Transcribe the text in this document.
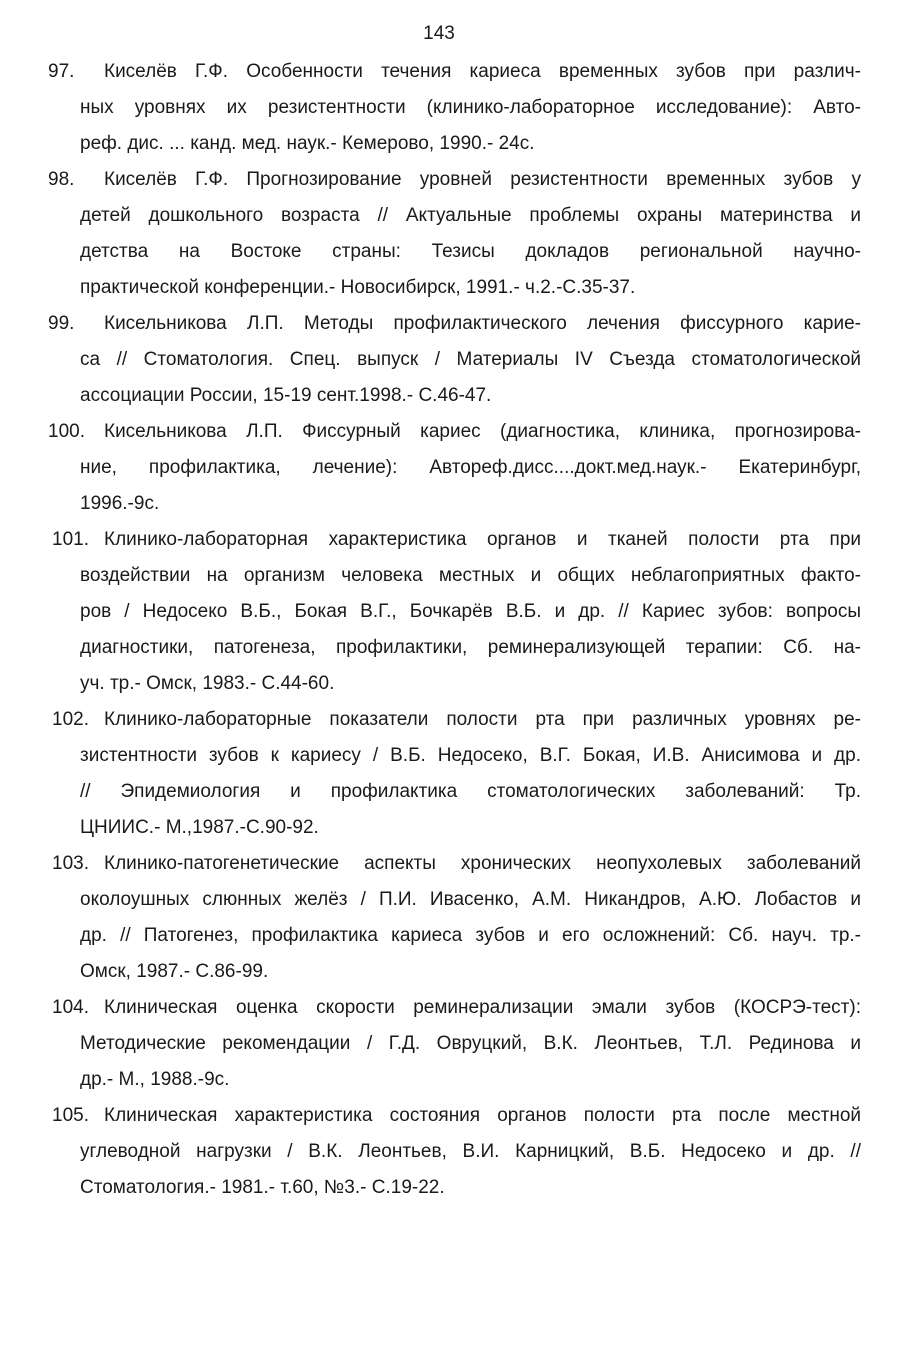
143
97. Киселёв Г.Ф. Особенности течения кариеса временных зубов при различ-
ных уровнях их резистентности (клинико-лабораторное исследование): Авто-
реф. дис. ... канд. мед. наук.- Кемерово, 1990.- 24с.
98. Киселёв Г.Ф. Прогнозирование уровней резистентности временных зубов у
детей дошкольного возраста // Актуальные проблемы охраны материнства и
детства на Востоке страны: Тезисы докладов региональной научно-
практической конференции.- Новосибирск, 1991.- ч.2.-С.35-37.
99. Кисельникова Л.П. Методы профилактического лечения фиссурного карие-
са // Стоматология. Спец. выпуск / Материалы IV Съезда стоматологической
ассоциации России, 15-19 сент.1998.- С.46-47.
100. Кисельникова Л.П. Фиссурный кариес (диагностика, клиника, прогнозирова-
ние, профилактика, лечение): Автореф.дисс....докт.мед.наук.- Екатеринбург,
1996.-9с.
101. Клинико-лабораторная характеристика органов и тканей полости рта при
воздействии на организм человека местных и общих неблагоприятных факто-
ров / Недосеко В.Б., Бокая В.Г., Бочкарёв В.Б. и др. // Кариес зубов: вопросы
диагностики, патогенеза, профилактики, реминерализующей терапии: Сб. на-
уч. тр.- Омск, 1983.- С.44-60.
102. Клинико-лабораторные показатели полости рта при различных уровнях ре-
зистентности зубов к кариесу / В.Б. Недосеко, В.Г. Бокая, И.В. Анисимова и др.
// Эпидемиология и профилактика стоматологических заболеваний: Тр.
ЦНИИС.- М.,1987.-С.90-92.
103. Клинико-патогенетические аспекты хронических неопухолевых заболеваний
околоушных слюнных желёз / П.И. Ивасенко, А.М. Никандров, А.Ю. Лобастов и
др. // Патогенез, профилактика кариеса зубов и его осложнений: Сб. науч. тр.-
Омск, 1987.- С.86-99.
104. Клиническая оценка скорости реминерализации эмали зубов (КОСРЭ-тест):
Методические рекомендации / Г.Д. Овруцкий, В.К. Леонтьев, Т.Л. Рединова и
др.- М., 1988.-9с.
105. Клиническая характеристика состояния органов полости рта после местной
углеводной нагрузки / В.К. Леонтьев, В.И. Карницкий, В.Б. Недосеко и др. //
Стоматология.- 1981.- т.60, №3.- С.19-22.
